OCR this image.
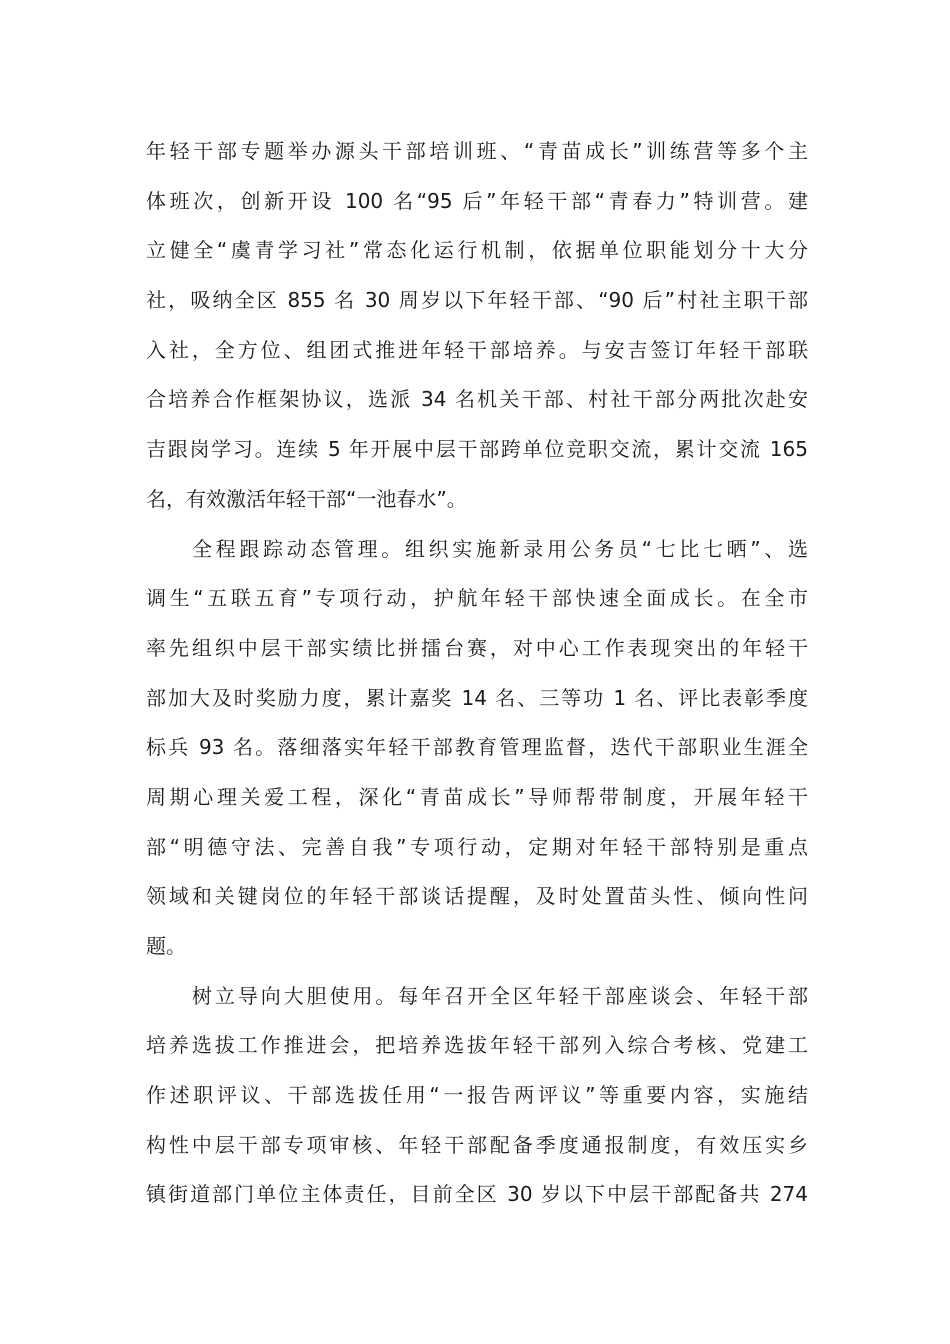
年轻干部专题举办源头干部培训班、“青苗成长”训练营等多个主
体班次，创新开设 100 名“95 后”年轻干部“青春力”特训营。建
立健全“虞青学习社”常态化运行机制，依据单位职能划分十大分
社，吸纳全区 855 名 30 周岁以下年轻干部、“90 后”村社主职干部
入社，全方位、组团式推进年轻干部培养。与安吉签订年轻干部联
合培养合作框架协议，选派 34 名机关干部、村社干部分两批次赴安
吉跟岗学习。连续 5 年开展中层干部跨单位竞职交流，累计交流 165
名，有效激活年轻干部“一池春水”。
全程跟踪动态管理。组织实施新录用公务员“七比七晒”、选
调生“五联五育”专项行动，护航年轻干部快速全面成长。在全市
率先组织中层干部实绩比拼擂台赛，对中心工作表现突出的年轻干
部加大及时奖励力度，累计嘉奖 14 名、三等功 1 名、评比表彰季度
标兵 93 名。落细落实年轻干部教育管理监督，迭代干部职业生涯全
周期心理关爱工程，深化“青苗成长”导师帮带制度，开展年轻干
部“明德守法、完善自我”专项行动，定期对年轻干部特别是重点
领域和关键岗位的年轻干部谈话提醒，及时处置苗头性、倾向性问
题。
树立导向大胆使用。每年召开全区年轻干部座谈会、年轻干部
培养选拔工作推进会，把培养选拔年轻干部列入综合考核、党建工
作述职评议、干部选拔任用“一报告两评议”等重要内容，实施结
构性中层干部专项审核、年轻干部配备季度通报制度，有效压实乡
镇街道部门单位主体责任，目前全区 30 岁以下中层干部配备共 274
